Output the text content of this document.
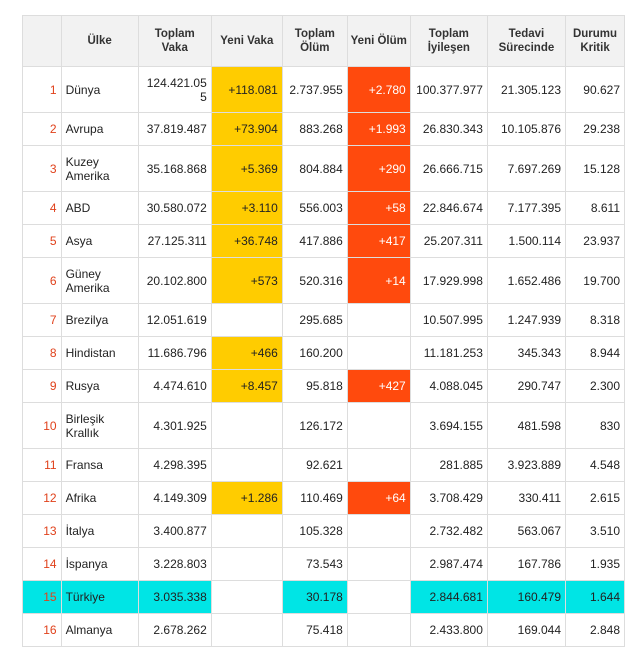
	Ülke	Toplam Vaka	Yeni Vaka	Toplam Ölüm	Yeni Ölüm	Toplam İyileşen	Tedavi Sürecinde	Durumu Kritik
1	Dünya	124.421.055	+118.081	2.737.955	+2.780	100.377.977	21.305.123	90.627
2	Avrupa	37.819.487	+73.904	883.268	+1.993	26.830.343	10.105.876	29.238
3	Kuzey Amerika	35.168.868	+5.369	804.884	+290	26.666.715	7.697.269	15.128
4	ABD	30.580.072	+3.110	556.003	+58	22.846.674	7.177.395	8.611
5	Asya	27.125.311	+36.748	417.886	+417	25.207.311	1.500.114	23.937
6	Güney Amerika	20.102.800	+573	520.316	+14	17.929.998	1.652.486	19.700
7	Brezilya	12.051.619		295.685		10.507.995	1.247.939	8.318
8	Hindistan	11.686.796	+466	160.200		11.181.253	345.343	8.944
9	Rusya	4.474.610	+8.457	95.818	+427	4.088.045	290.747	2.300
10	Birleşik Krallık	4.301.925		126.172		3.694.155	481.598	830
11	Fransa	4.298.395		92.621		281.885	3.923.889	4.548
12	Afrika	4.149.309	+1.286	110.469	+64	3.708.429	330.411	2.615
13	İtalya	3.400.877		105.328		2.732.482	563.067	3.510
14	İspanya	3.228.803		73.543		2.987.474	167.786	1.935
15	Türkiye	3.035.338		30.178		2.844.681	160.479	1.644
16	Almanya	2.678.262		75.418		2.433.800	169.044	2.848
